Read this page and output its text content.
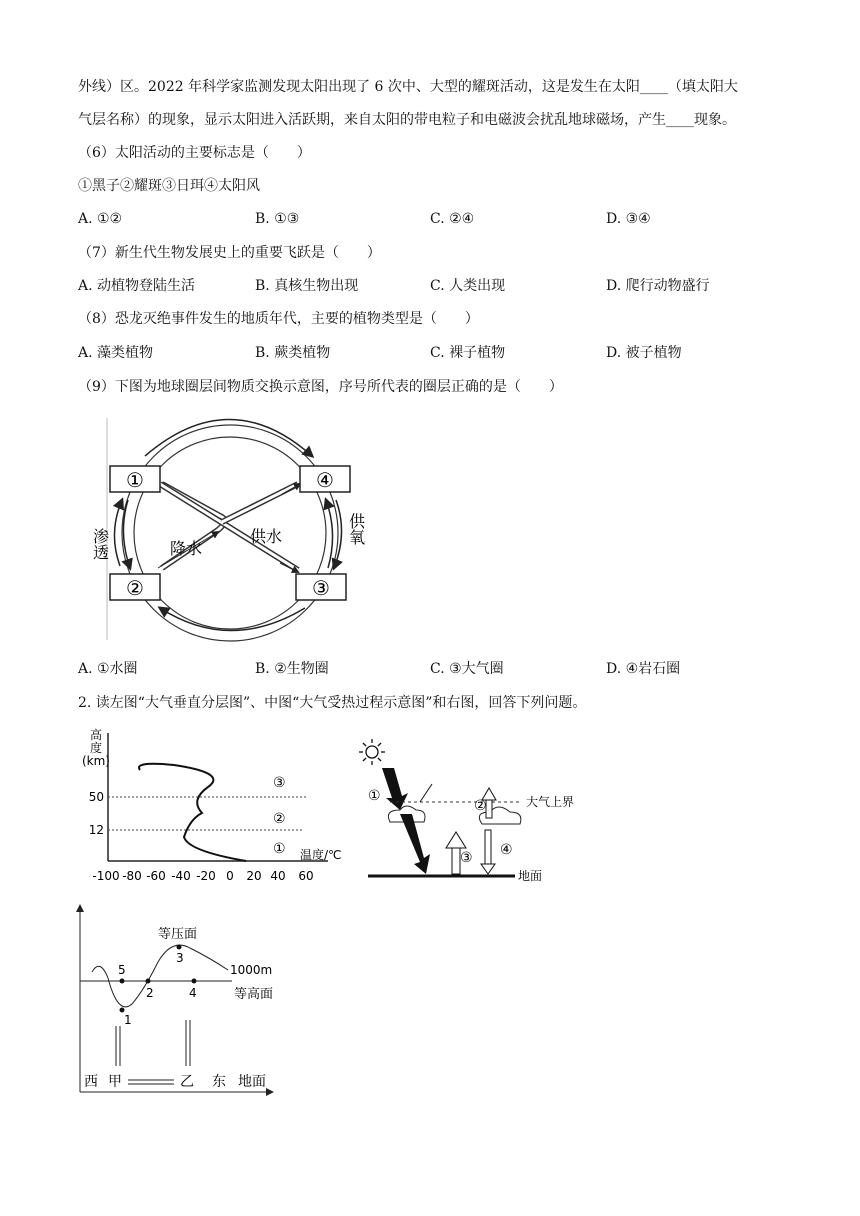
外线）区。2022 年科学家监测发现太阳出现了 6 次中、大型的耀斑活动，这是发生在太阳____（填太阳大
气层名称）的现象，显示太阳进入活跃期，来自太阳的带电粒子和电磁波会扰乱地球磁场，产生____现象。
（6）太阳活动的主要标志是（　　）
①黑子②耀斑③日珥④太阳风
A. ①②	B. ①③	C. ②④	D. ③④
（7）新生代生物发展史上的重要飞跃是（　　）
A. 动植物登陆生活	B. 真核生物出现	C. 人类出现	D. 爬行动物盛行
（8）恐龙灭绝事件发生的地质年代，主要的植物类型是（　　）
A. 藻类植物	B. 蕨类植物	C. 裸子植物	D. 被子植物
（9）下图为地球圈层间物质交换示意图，序号所代表的圈层正确的是（　　）
①	④
②	③
渗透	供氧
降水
供水
A. ①水圈	B. ②生物圈	C. ③大气圈	D. ④岩石圈
2. 读左图“大气垂直分层图”、中图“大气受热过程示意图”和右图，回答下列问题。
高
度
(km)
50
12
③
②
① 温度/℃
-100 -80 -60 -40 -20 0 20 40 60
①	大气上界
③
②
④
地面
等压面
1000m
等高面
5
3
2	4
1
西 甲	乙 东 地面
